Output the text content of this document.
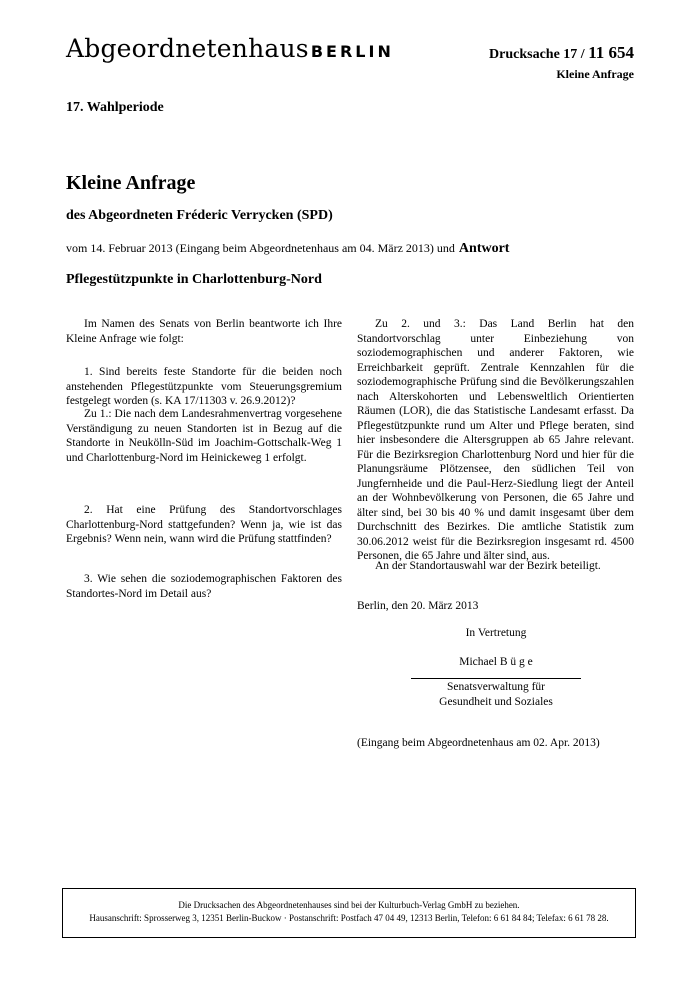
Abgeordnetenhaus BERLIN	Drucksache 17 / 11 654
Kleine Anfrage
17. Wahlperiode
Kleine Anfrage
des Abgeordneten Fréderic Verrycken (SPD)
vom 14. Februar 2013 (Eingang beim Abgeordnetenhaus am 04. März 2013) und Antwort
Pflegestützpunkte in Charlottenburg-Nord

Im Namen des Senats von Berlin beantworte ich Ihre Kleine Anfrage wie folgt:

1. Sind bereits feste Standorte für die beiden noch anstehenden Pflegestützpunkte vom Steuerungsgremium festgelegt worden (s. KA 17/11303 v. 26.9.2012)?

Zu 1.: Die nach dem Landesrahmenvertrag vorgesehene Verständigung zu neuen Standorten ist in Bezug auf die Standorte in Neukölln-Süd im Joachim-Gottschalk-Weg 1 und Charlottenburg-Nord im Heinickeweg 1 erfolgt.

2. Hat eine Prüfung des Standortvorschlages Charlottenburg-Nord stattgefunden? Wenn ja, wie ist das Ergebnis? Wenn nein, wann wird die Prüfung stattfinden?

3. Wie sehen die soziodemographischen Faktoren des Standortes-Nord im Detail aus?

Zu 2. und 3.: Das Land Berlin hat den Standortvorschlag unter Einbeziehung von soziodemographischen und anderer Faktoren, wie Erreichbarkeit geprüft. Zentrale Kennzahlen für die soziodemographische Prüfung sind die Bevölkerungszahlen nach Alterskohorten und Lebensweltlich Orientierten Räumen (LOR), die das Statistische Landesamt erfasst. Da Pflegestützpunkte rund um Alter und Pflege beraten, sind hier insbesondere die Altersgruppen ab 65 Jahre relevant. Für die Bezirksregion Charlottenburg Nord und hier für die Planungsräume Plötzensee, den südlichen Teil von Jungfernheide und die Paul-Herz-Siedlung liegt der Anteil an der Wohnbevölkerung von Personen, die 65 Jahre und älter sind, bei 30 bis 40 % und damit insgesamt über dem Durchschnitt des Bezirkes. Die amtliche Statistik zum 30.06.2012 weist für die Bezirksregion insgesamt rd. 4500 Personen, die 65 Jahre und älter sind, aus.

An der Standortauswahl war der Bezirk beteiligt.

Berlin, den 20. März 2013
In Vertretung
Michael B ü g e
Senatsverwaltung für
Gesundheit und Soziales
(Eingang beim Abgeordnetenhaus am 02. Apr. 2013)
Die Drucksachen des Abgeordnetenhauses sind bei der Kulturbuch-Verlag GmbH zu beziehen.
Hausanschrift: Sprosserweg 3, 12351 Berlin-Buckow · Postanschrift: Postfach 47 04 49, 12313 Berlin, Telefon: 6 61 84 84; Telefax: 6 61 78 28.
